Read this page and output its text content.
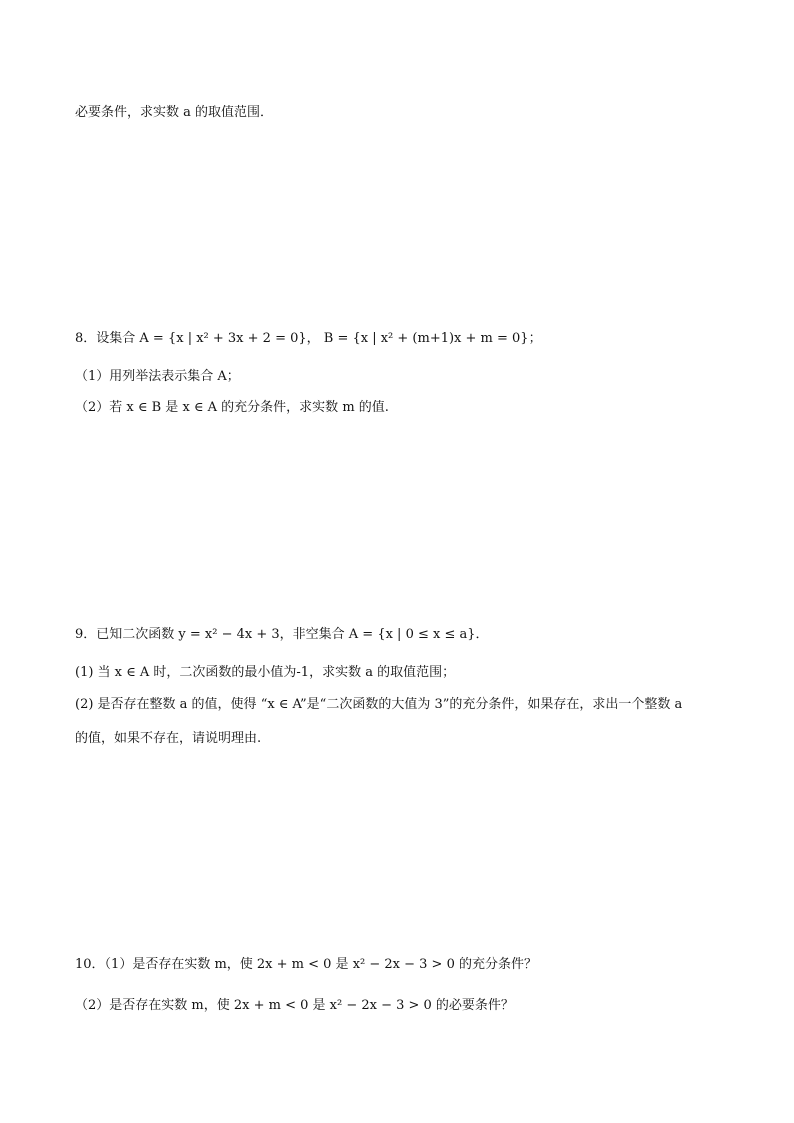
必要条件，求实数 a 的取值范围．
8．设集合 A = {x | x² + 3x + 2 = 0}， B = {x | x² + (m+1)x + m = 0}；
（1）用列举法表示集合 A；
（2）若 x ∈ B 是 x ∈ A 的充分条件，求实数 m 的值.
9．已知二次函数 y = x² − 4x + 3，非空集合 A = {x | 0 ≤ x ≤ a}．
(1) 当 x ∈ A 时，二次函数的最小值为-1，求实数 a 的取值范围；
(2) 是否存在整数 a 的值，使得 “x ∈ A”是“二次函数的大值为 3”的充分条件，如果存在，求出一个整数 a
的值，如果不存在，请说明理由.
10．（1）是否存在实数 m，使 2x + m < 0 是 x² − 2x − 3 > 0 的充分条件？
（2）是否存在实数 m，使 2x + m < 0 是 x² − 2x − 3 > 0 的必要条件？
